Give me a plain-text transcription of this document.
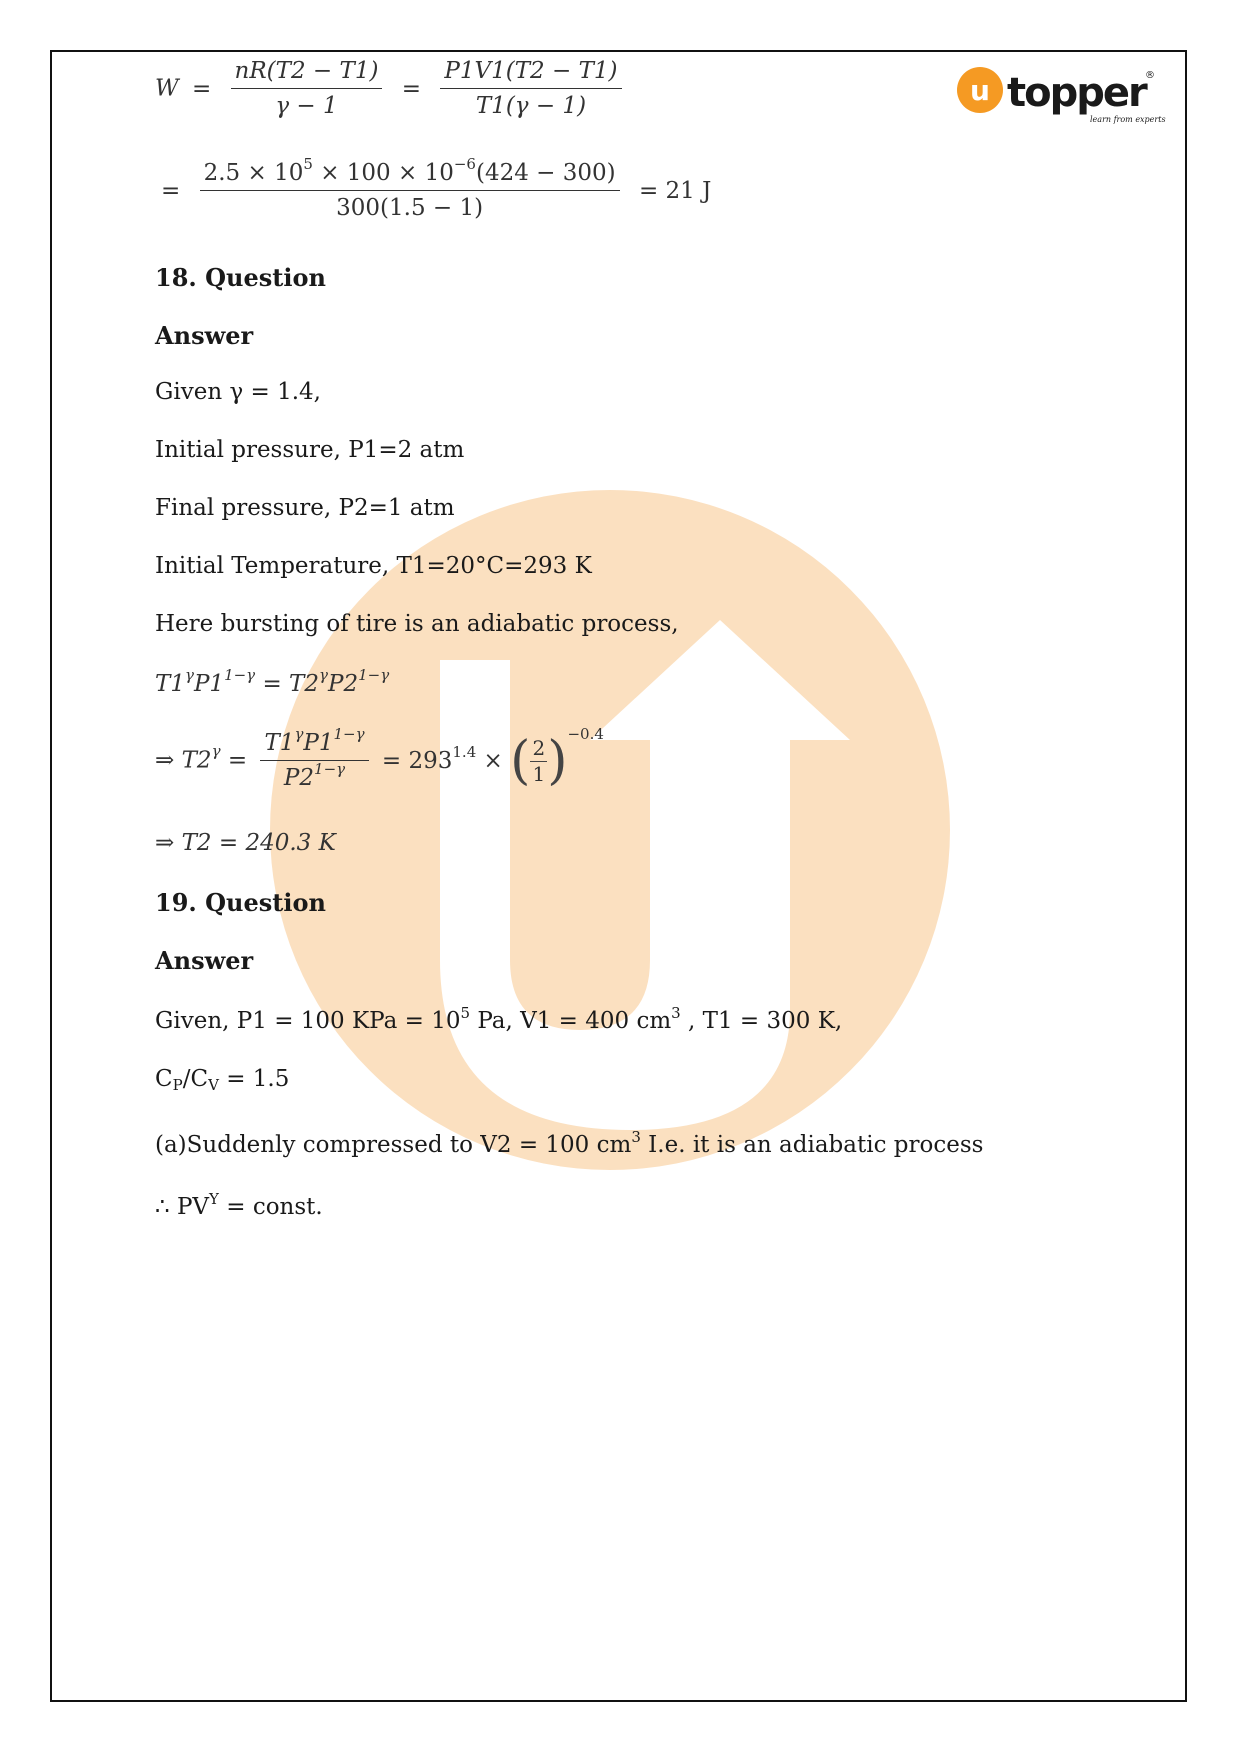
u topper ®
learn from experts
$W = \frac{nR(T2 - T1)}{\gamma - 1} = \frac{P1V1(T2 - T1)}{T1(\gamma - 1)}$
= $\frac{2.5 \times 10^5 \times 100 \times 10^{-6}(424 - 300)}{300(1.5 - 1)} = 21$ J
18. Question
Answer
Given γ = 1.4,
Initial pressure, P1=2 atm
Final pressure, P2=1 atm
Initial Temperature, T1=20°C=293 K
Here bursting of tire is an adiabatic process,
$T1^\gamma P1^{1-\gamma} = T2^\gamma P2^{1-\gamma}$
⇒ $T2^\gamma = \frac{T1^\gamma P1^{1-\gamma}}{P2^{1-\gamma}} = 293^{1.4}$ × ( $\frac{2}{1} )^{-0.4}$
⇒ T2 = 240.3 K
19. Question
Answer
Given, P1 = 100 KPa = $10^5$ Pa, V1 = 400 $cm^3$ , T1 = 300 K,
CP/CV = 1.5
(a)Suddenly compressed to V2 = 100 $cm^3$ I.e. it is an adiabatic process
∴ $PV^Y$ = const.
